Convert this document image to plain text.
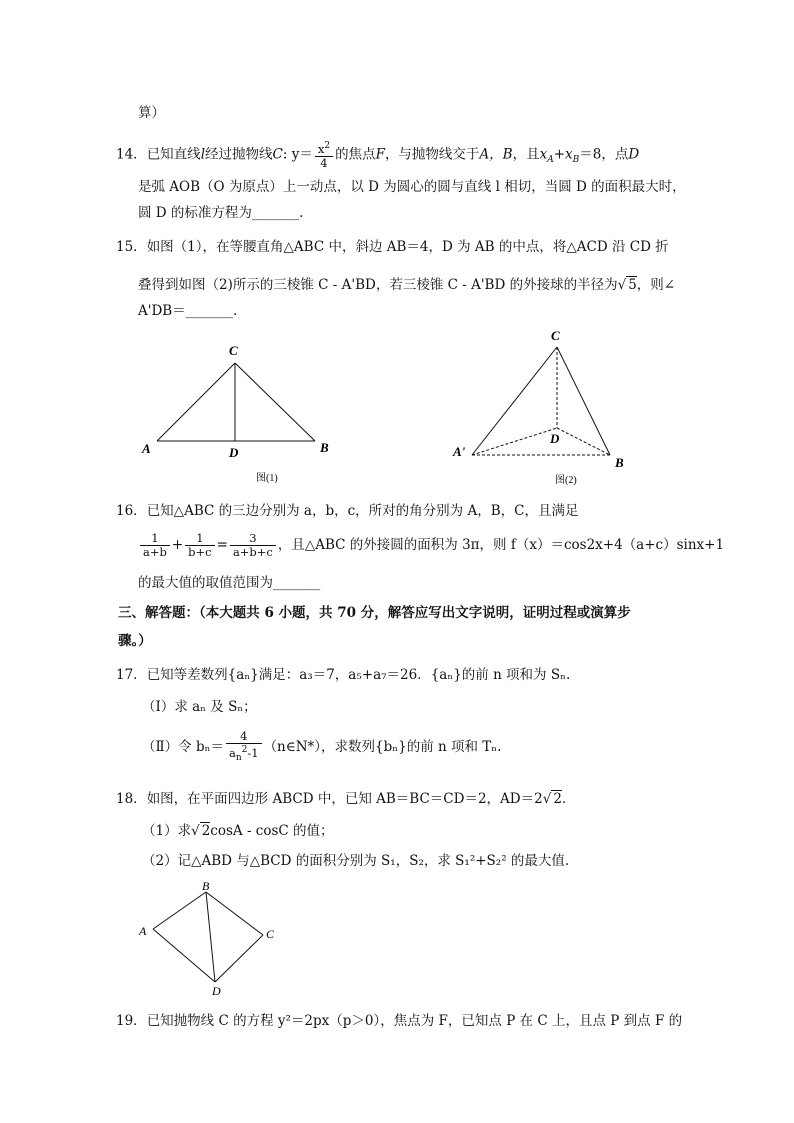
算）
14．已知直线l经过抛物线C: $y= \frac{x^2}{4}$ 的焦点F，与抛物线交于A，B，且$x_A+x_B=8$，点D
是弧 AOB（O 为原点）上一动点，以 D 为圆心的圆与直线 l 相切，当圆 D 的面积最大时，
圆 D 的标准方程为_______.
15．如图（1），在等腰直角△ABC 中，斜边 AB＝4，D 为 AB 的中点，将△ACD 沿 CD 折
叠得到如图（2)所示的三棱锥 C - A'BD，若三棱锥 C - A'BD 的外接球的半径为√ 5，则∠
A'DB＝_______.
C
A	D	B
图(1)
C
D
A'
B
图(2)
16．已知△ABC 的三边分别为 a，b，c，所对的角分别为 A，B，C，且满足
$\frac{1}{a+b} + \frac{1}{b+c} = \frac{3}{a+b+c}$ ，且△ABC 的外接圆的面积为 3π，则 f（x）＝cos2x+4（a+c）sinx+1
的最大值的取值范围为_______
三、解答题：（本大题共 6 小题，共 70 分，解答应写出文字说明，证明过程或演算步
骤。）
17．已知等差数列{aₙ}满足：a₃＝7，a₅+a₇＝26．{aₙ}的前 n 项和为 Sₙ.
（Ⅰ）求 aₙ 及 Sₙ；
（Ⅱ）令 $b_n= \frac{4}{a_n^2-1}$ （n∈N*），求数列{bₙ}的前 n 项和 Tₙ.
18．如图，在平面四边形 ABCD 中，已知 AB＝BC＝CD＝2，AD＝2√ 2.
（1）求√ 2cosA - cosC 的值；
（2）记△ABD 与△BCD 的面积分别为 S₁，S₂，求 S₁²+S₂² 的最大值.
B
A	C
D
19．已知抛物线 C 的方程 y²＝2px（p＞0），焦点为 F，已知点 P 在 C 上，且点 P 到点 F 的
